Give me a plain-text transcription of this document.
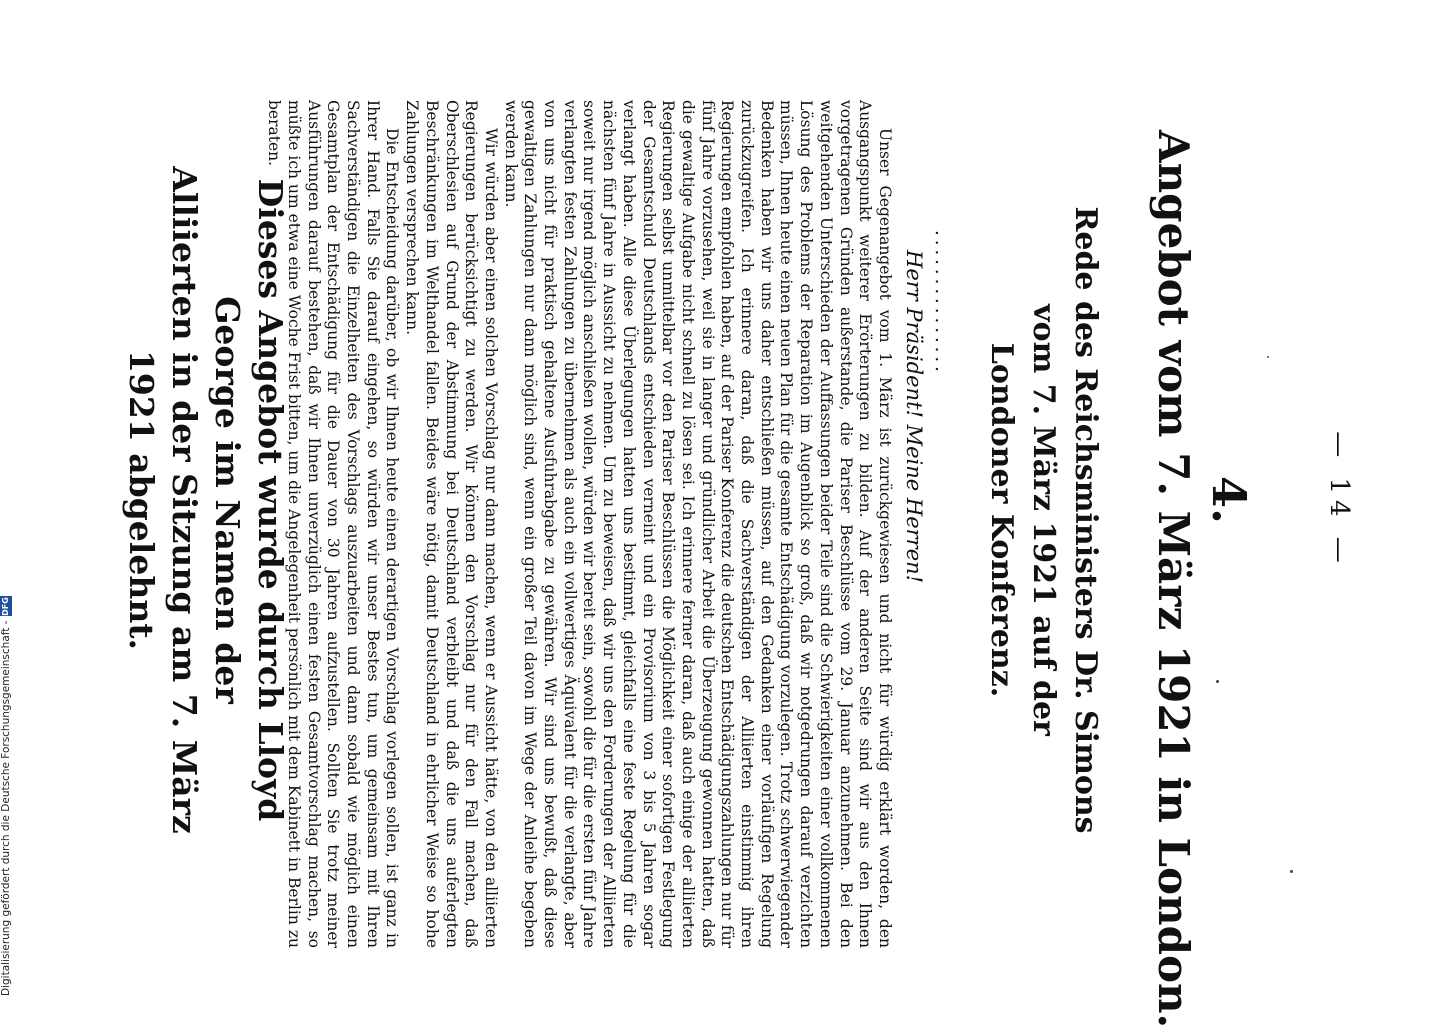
— 14 —
4.
Angebot vom 7. März 1921 in London.
Rede des Reichsministers Dr. Simons vom 7. März 1921 auf der
Londoner Konferenz.
...............
Herr Präsident! Meine Herren!

Unser Gegenangebot vom 1. März ist zurückgewiesen und nicht für würdig erklärt worden, den Ausgangspunkt weiterer Erörterungen zu bilden. Auf der anderen Seite sind wir aus den Ihnen vorgetragenen Gründen außerstande, die Pariser Beschlüsse vom 29. Januar anzunehmen. Bei den weitgehenden Unterschieden der Auffassungen beider Teile sind die Schwierigkeiten einer vollkommenen Lösung des Problems der Reparation im Augenblick so groß, daß wir notgedrungen darauf verzichten müssen, Ihnen heute einen neuen Plan für die gesamte Entschädigung vorzulegen. Trotz schwerwiegender Bedenken haben wir uns daher entschließen müssen, auf den Gedanken einer vorläufigen Regelung zurückzugreifen. Ich erinnere daran, daß die Sachverständigen der Alliierten einstimmig ihren Regierungen empfohlen haben, auf der Pariser Konferenz die deutschen Entschädigungszahlungen nur für fünf Jahre vorzusehen, weil sie in langer und gründlicher Arbeit die Überzeugung gewonnen hatten, daß die gewaltige Aufgabe nicht schnell zu lösen sei. Ich erinnere ferner daran, daß auch einige der alliierten Regierungen selbst unmittelbar vor den Pariser Beschlüssen die Möglichkeit einer sofortigen Festlegung der Gesamtschuld Deutschlands entschieden verneint und ein Provisorium von 3 bis 5 Jahren sogar verlangt haben. Alle diese Überlegungen hatten uns bestimmt, gleichfalls eine feste Regelung für die nächsten fünf Jahre in Aussicht zu nehmen. Um zu beweisen, daß wir uns den Forderungen der Alliierten soweit nur irgend möglich anschließen wollen, würden wir bereit sein, sowohl die für die ersten fünf Jahre verlangten festen Zahlungen zu übernehmen als auch ein vollwertiges Äquivalent für die verlangte, aber von uns nicht für praktisch gehaltene Ausfuhrabgabe zu gewähren. Wir sind uns bewußt, daß diese gewaltigen Zahlungen nur dann möglich sind, wenn ein großer Teil davon im Wege der Anleihe begeben werden kann.

Wir würden aber einen solchen Vorschlag nur dann machen, wenn er Aussicht hätte, von den alliierten Regierungen berücksichtigt zu werden. Wir können den Vorschlag nur für den Fall machen, daß Oberschlesien auf Grund der Abstimmung bei Deutschland verbleibt und daß die uns auferlegten Beschränkungen im Welthandel fallen. Beides wäre nötig, damit Deutschland in ehrlicher Weise so hohe Zahlungen versprechen kann.

Die Entscheidung darüber, ob wir Ihnen heute einen derartigen Vorschlag vorlegen sollen, ist ganz in Ihrer Hand. Falls Sie darauf eingehen, so würden wir unser Bestes tun, um gemeinsam mit Ihren Sachverständigen die Einzelheiten des Vorschlags auszuarbeiten und dann sobald wie möglich einen Gesamtplan der Entschädigung für die Dauer von 30 Jahren aufzustellen. Sollten Sie trotz meiner Ausführungen darauf bestehen, daß wir Ihnen unverzüglich einen festen Gesamtvorschlag machen, so müßte ich um etwa eine Woche Frist bitten, um die Angelegenheit persönlich mit dem Kabinett in Berlin zu beraten.

Dieses Angebot wurde durch Lloyd George im Namen der
Alliierten in der Sitzung am 7. März 1921 abgelehnt.
Digitalisierung gefördert durch die Deutsche Forschungsgemeinschaft -
DFG
